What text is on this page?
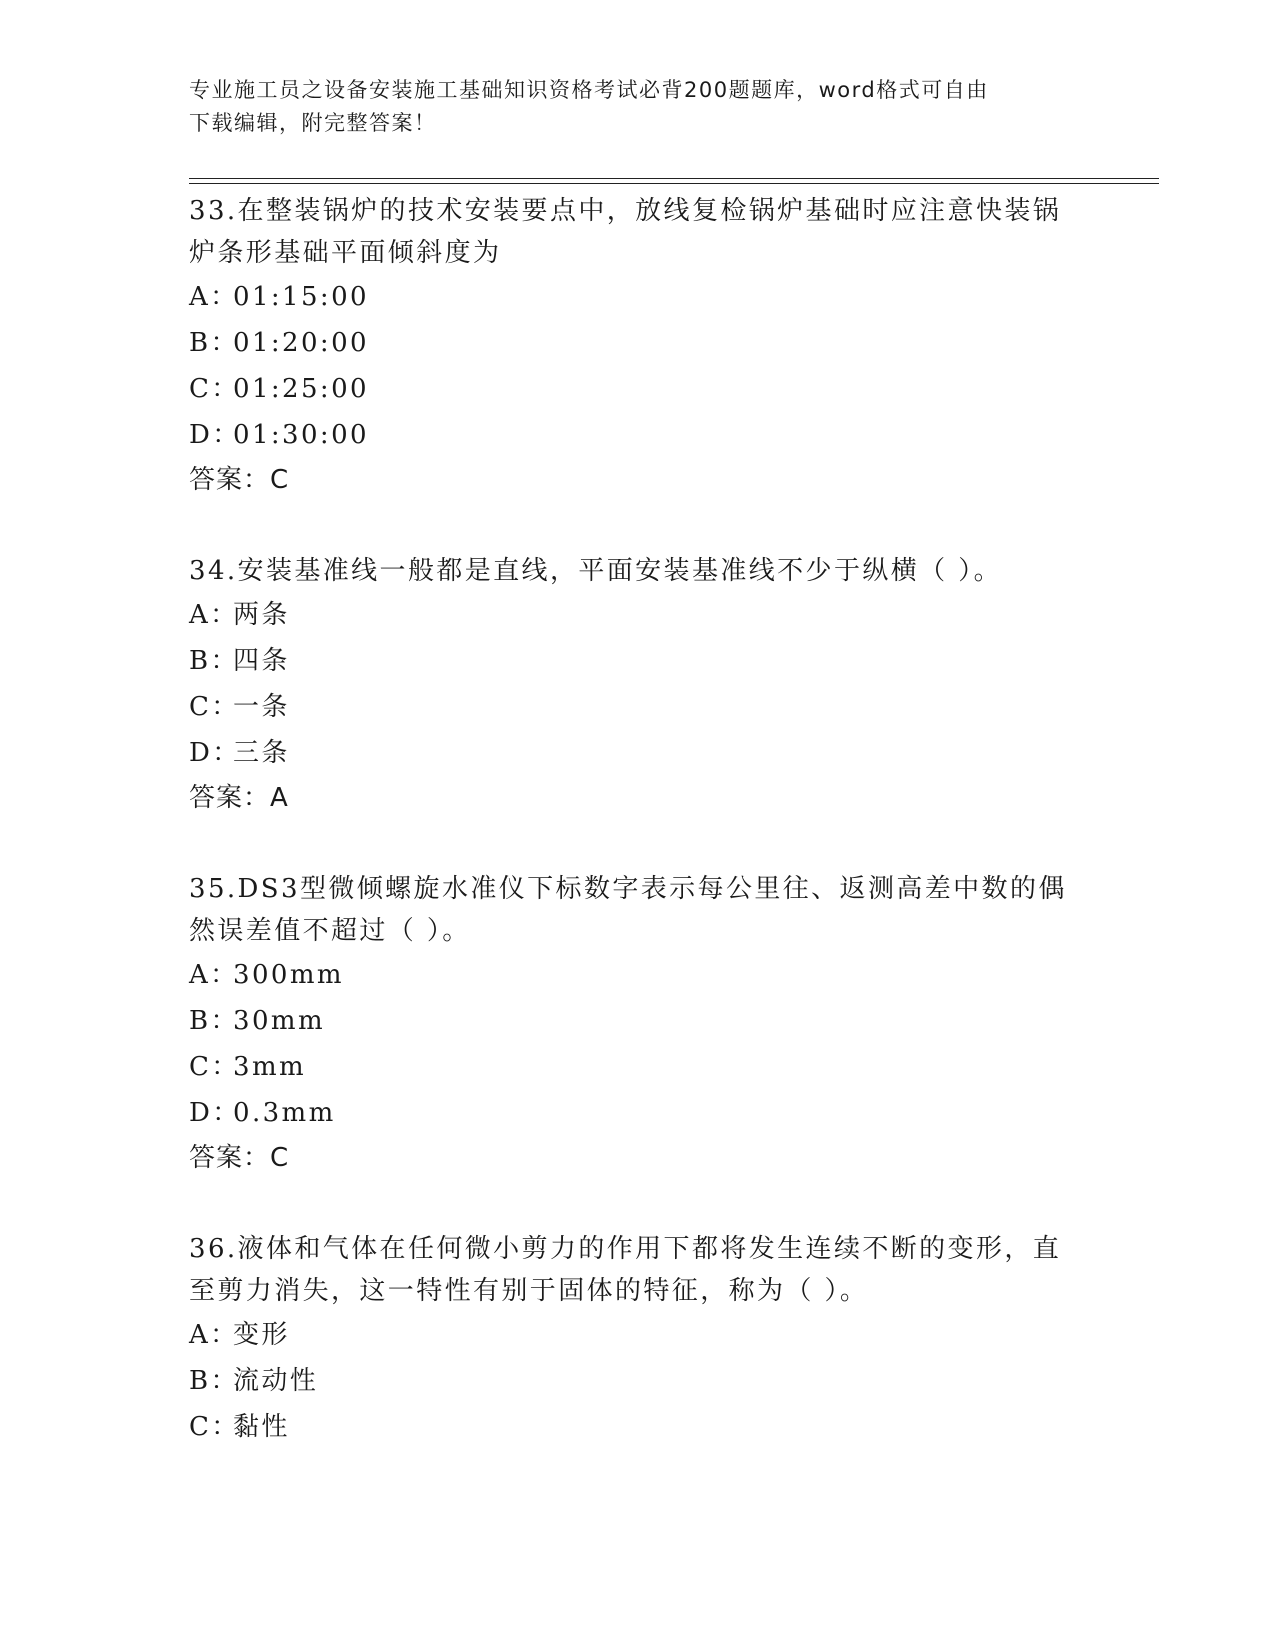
专业施工员之设备安装施工基础知识资格考试必背200题题库，word格式可自由
下载编辑，附完整答案！

33.在整装锅炉的技术安装要点中，放线复检锅炉基础时应注意快装锅炉条形基础平面倾斜度为

A：01:15:00

B：01:20:00

C：01:25:00

D：01:30:00

答案：C

34.安装基准线一般都是直线，平面安装基准线不少于纵横（ ）。

A：两条

B：四条

C：一条

D：三条

答案：A

35.DS3型微倾螺旋水准仪下标数字表示每公里往、返测高差中数的偶然误差值不超过（ ）。

A：300mm

B：30mm

C：3mm

D：0.3mm

答案：C

36.液体和气体在任何微小剪力的作用下都将发生连续不断的变形，直至剪力消失，这一特性有别于固体的特征，称为（ ）。

A：变形

B：流动性

C：黏性
